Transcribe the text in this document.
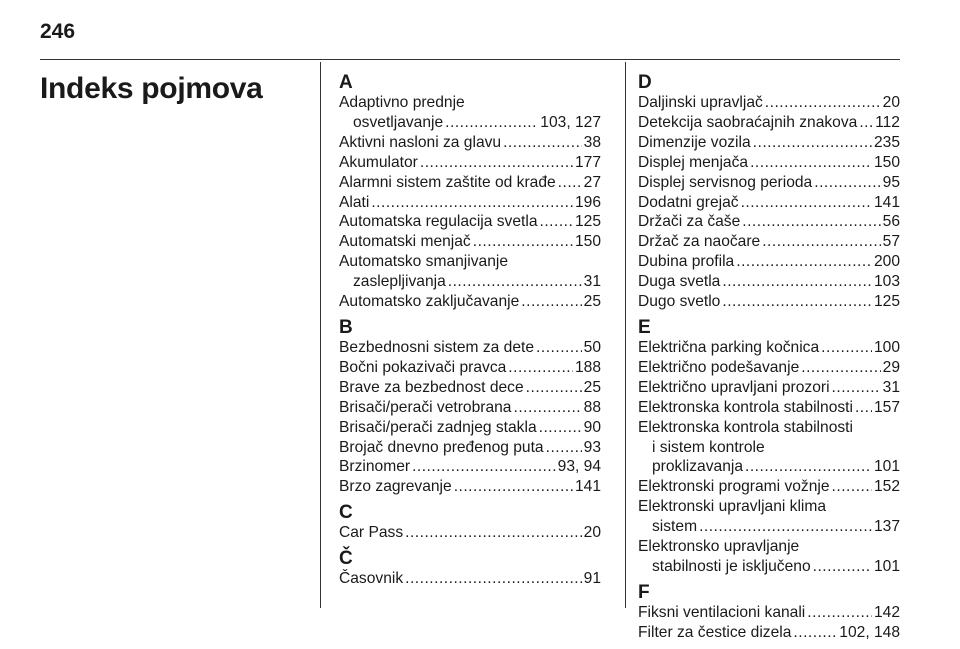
246
Indeks pojmova	A
Adaptivno prednje
osvetljavanje .....	103, 127
Aktivni nasloni za glavu .....	38
Akumulator .....	177
Alarmni sistem zaštite od krađe ..... 27
Alati .....	196
Automatska regulacija svetla ..... 125
Automatski menjač .....	150
Automatsko smanjivanje
zaslepljivanja .....	31
Automatsko zaključavanje .....	25
B
Bezbednosni sistem za dete .....	50
Bočni pokazivači pravca .....	188
Brave za bezbednost dece .....	25
Brisači/perači vetrobrana .....	88
Brisači/perači zadnjeg stakla .....	90
Brojač dnevno pređenog puta .....	93
Brzinomer .....	93, 94
Brzo zagrevanje .....	141
C
Car Pass .....	20
Č
Časovnik .....	91
D
Daljinski upravljač .....	20
Detekcija saobraćajnih znakova ..... 112
Dimenzije vozila .....	235
Displej menjača .....	150
Displej servisnog perioda .....	95
Dodatni grejač .....	141
Držači za čaše .....	56
Držač za naočare .....	57
Dubina profila .....	200
Duga svetla .....	103
Dugo svetlo .....	125
E
Električna parking kočnica .....	100
Električno podešavanje .....	29
Električno upravljani prozori .....	31
Elektronska kontrola stabilnosti ..... 157
Elektronska kontrola stabilnosti
i sistem kontrole
proklizavanja .....	101
Elektronski programi vožnje .....	152
Elektronski upravljani klima
sistem .....	137
Elektronsko upravljanje
stabilnosti je isključeno .....	101
F
Fiksni ventilacioni kanali .....	142
Filter za čestice dizela .....	102, 148
